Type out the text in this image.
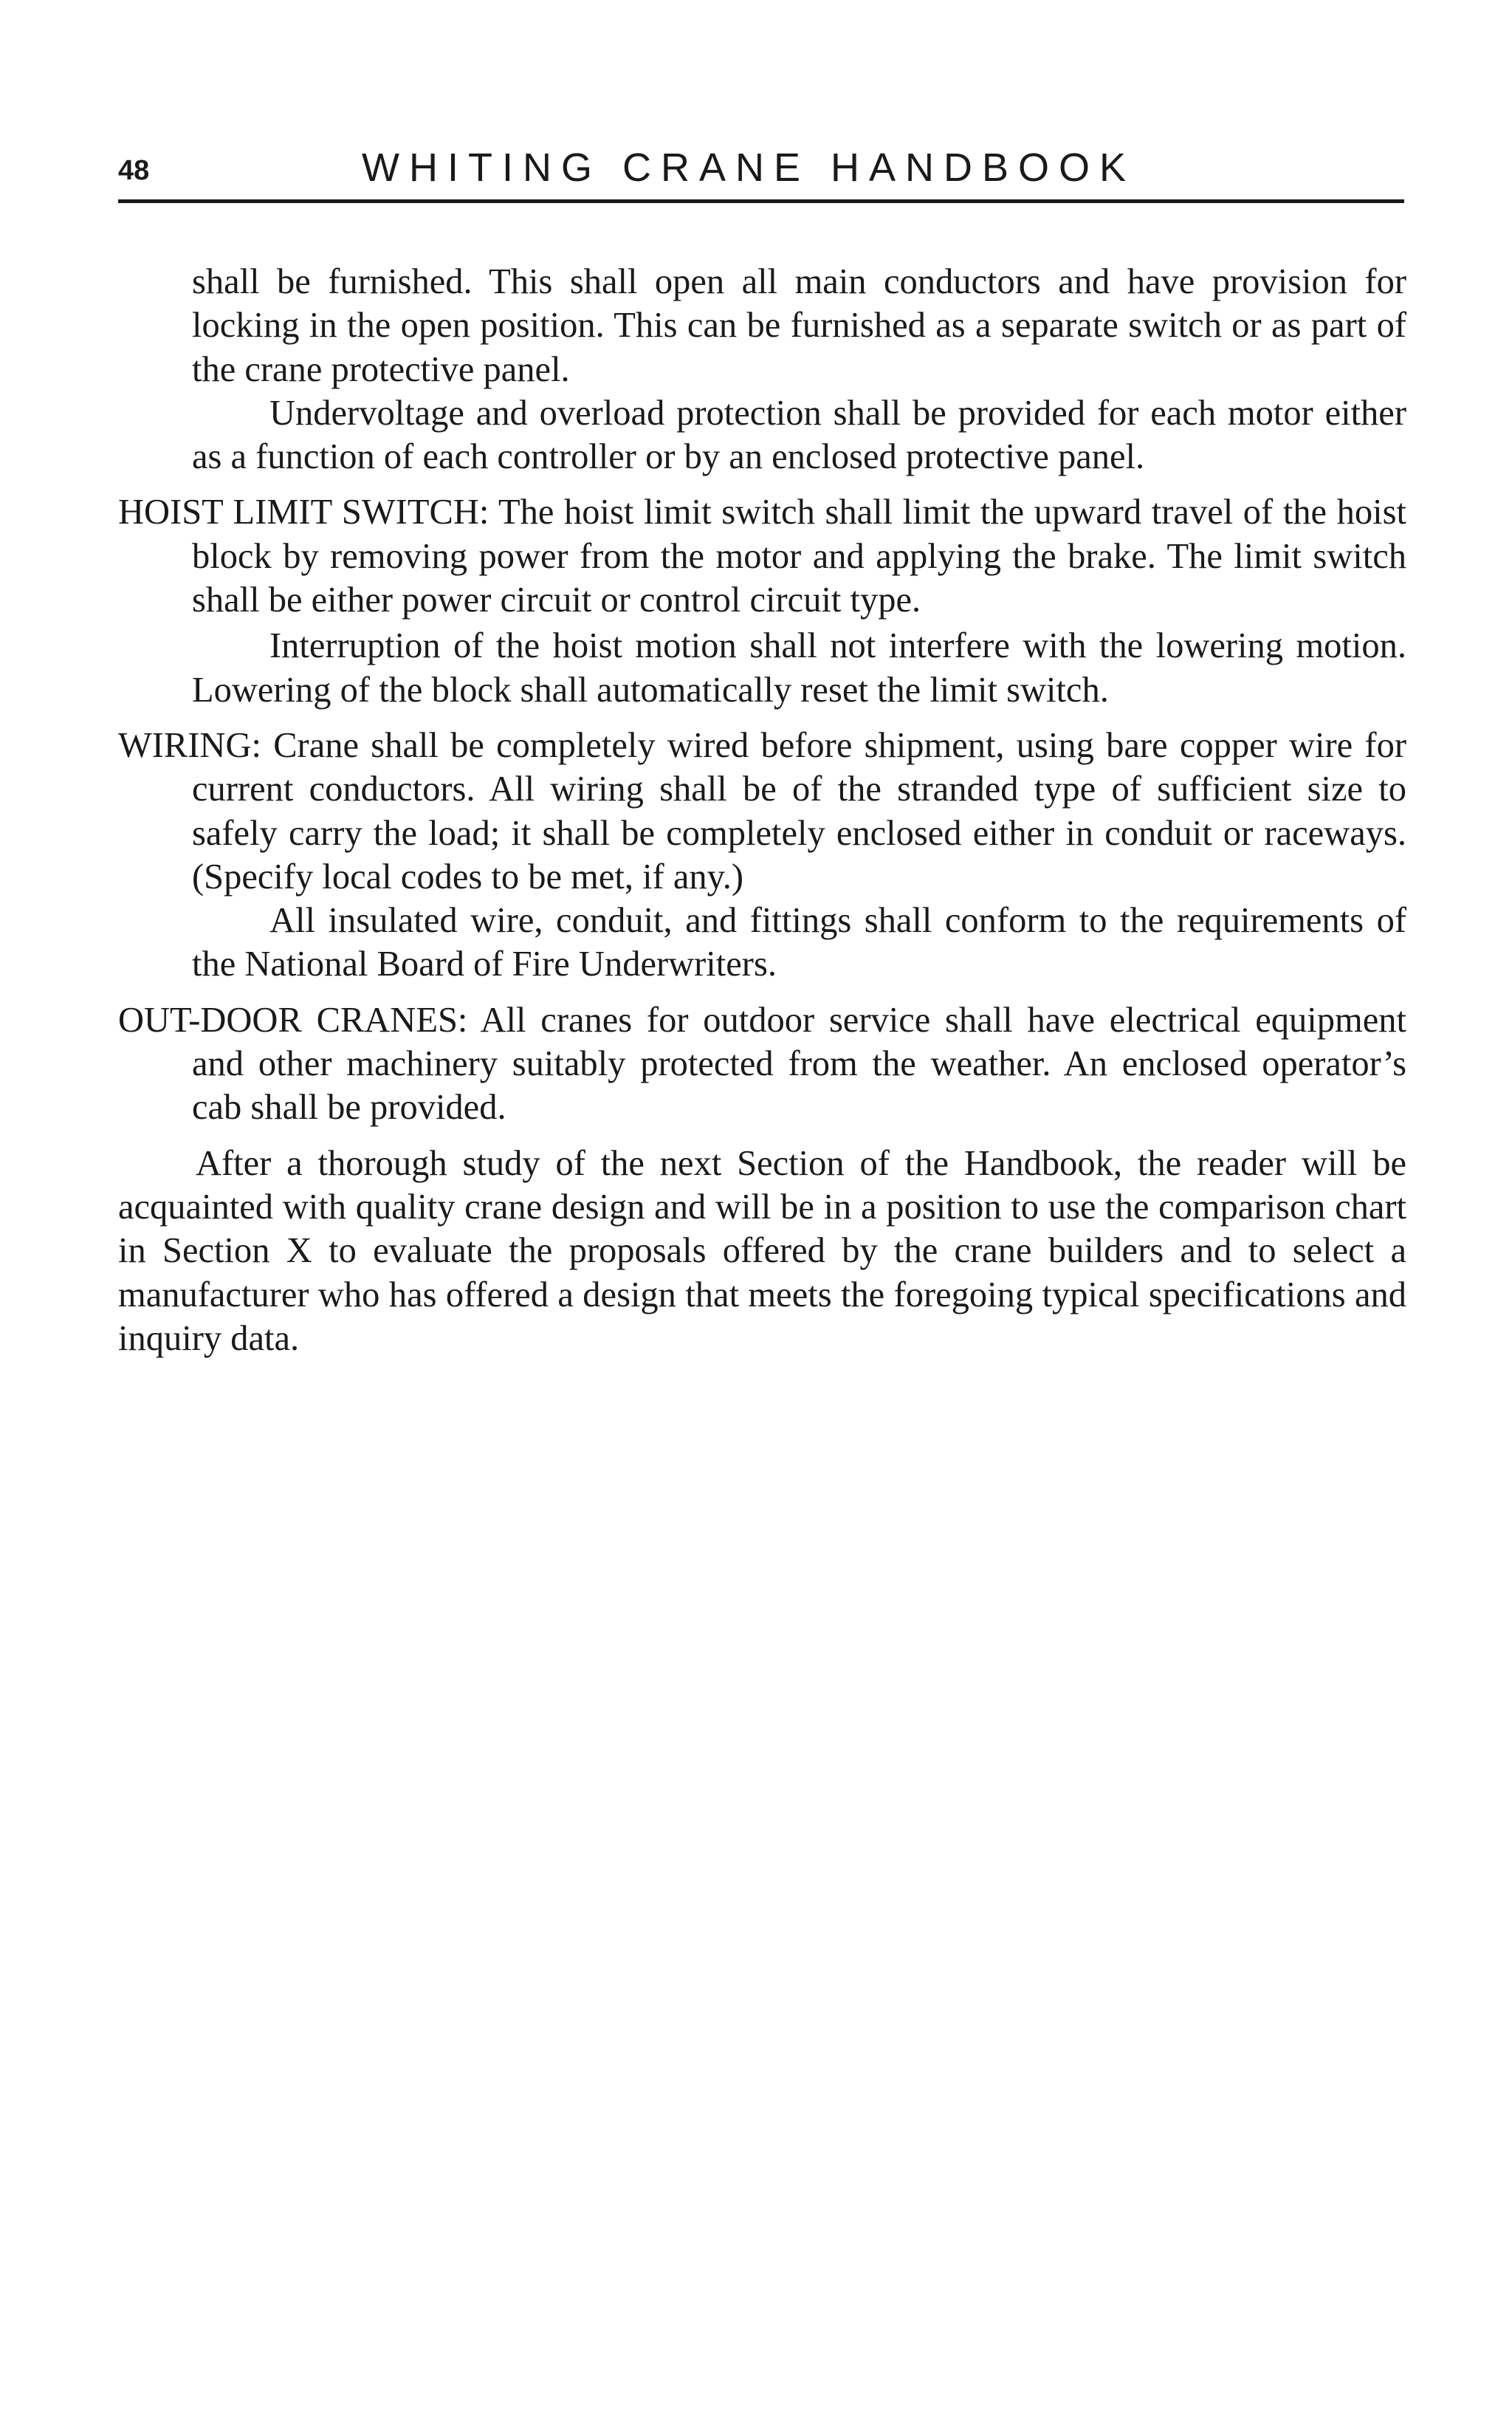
48	WHITING CRANE HANDBOOK

shall be furnished. This shall open all main conductors and have provision for locking in the open position. This can be furnished as a separate switch or as part of the crane protective panel.

Undervoltage and overload protection shall be provided for each motor either as a function of each controller or by an enclosed protective panel.

HOIST LIMIT SWITCH: The hoist limit switch shall limit the upward travel of the hoist block by removing power from the motor and applying the brake. The limit switch shall be either power circuit or control circuit type.

Interruption of the hoist motion shall not interfere with the lowering motion. Lowering of the block shall automatically reset the limit switch.

WIRING: Crane shall be completely wired before shipment, using bare copper wire for current conductors. All wiring shall be of the stranded type of sufficient size to safely carry the load; it shall be completely enclosed either in conduit or raceways. (Specify local codes to be met, if any.)

All insulated wire, conduit, and fittings shall conform to the requirements of the National Board of Fire Underwriters.

OUT-DOOR CRANES: All cranes for outdoor service shall have electrical equipment and other machinery suitably protected from the weather. An enclosed operator’s cab shall be provided.

After a thorough study of the next Section of the Handbook, the reader will be acquainted with quality crane design and will be in a position to use the comparison chart in Section X to evaluate the proposals offered by the crane builders and to select a manufacturer who has offered a design that meets the foregoing typical specifications and inquiry data.
